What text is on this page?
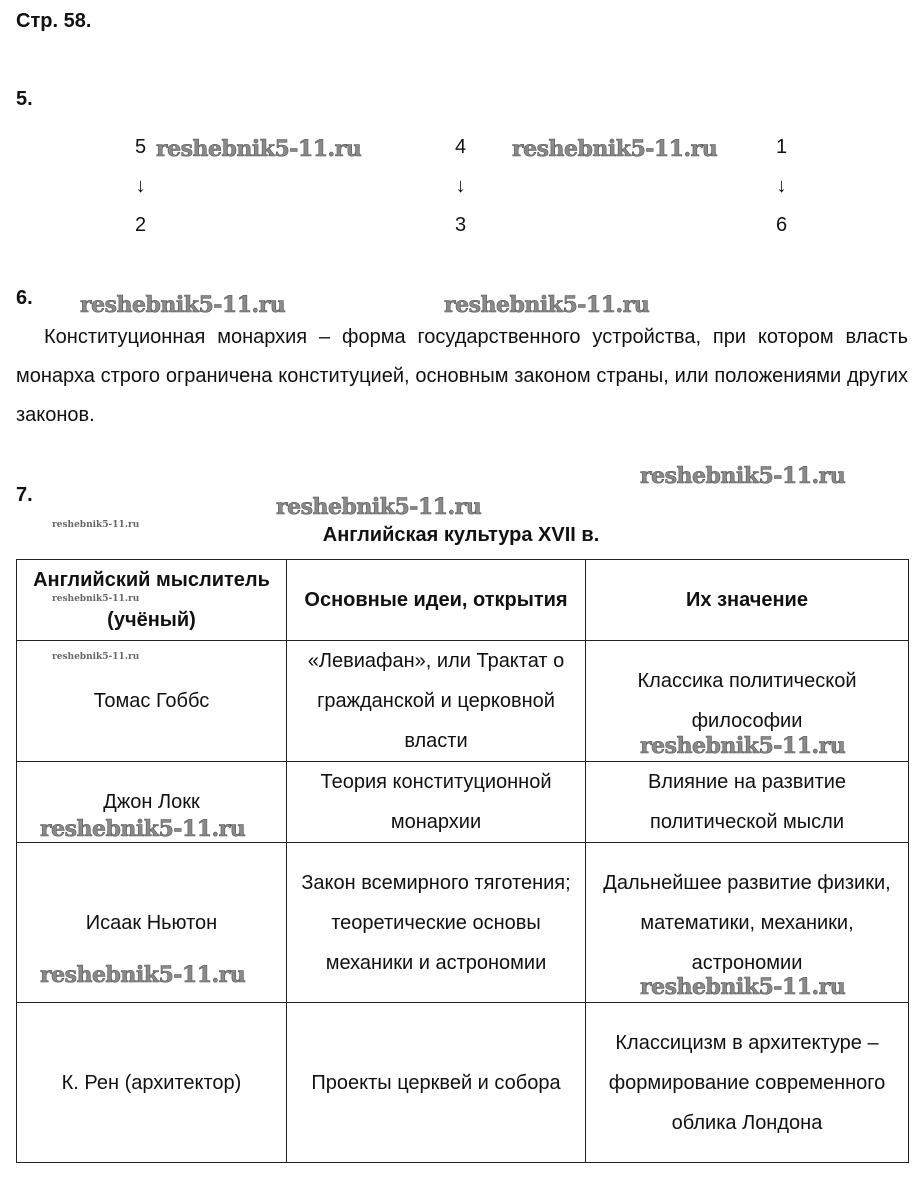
Стр. 58.
5.
5
↓
2
4
↓
3
1
↓
6
6.
Конституционная монархия – форма государственного устройства, при котором власть монарха строго ограничена конституцией, основным законом страны, или положениями других законов.
7.
Английская культура XVII в.
Английский мыслитель (учёный)	Основные идеи, открытия	Их значение
Томас Гоббс	«Левиафан», или Трактат о гражданской и церковной власти	Классика политической философии
Джон Локк	Теория конституционной монархии	Влияние на развитие политической мысли
Исаак Ньютон	Закон всемирного тяготения; теоретические основы механики и астрономии	Дальнейшее развитие физики, математики, механики, астрономии
К. Рен (архитектор)	Проекты церквей и собора	Классицизм в архитектуре – формирование современного облика Лондона
reshebnik5-11.ru	reshebnik5-11.ru
reshebnik5-11.ru	reshebnik5-11.ru
reshebnik5-11.ru
reshebnik5-11.ru
reshebnik5-11.ru
reshebnik5-11.ru
reshebnik5-11.ru
reshebnik5-11.ru
reshebnik5-11.ru
reshebnik5-11.ru	reshebnik5-11.ru
